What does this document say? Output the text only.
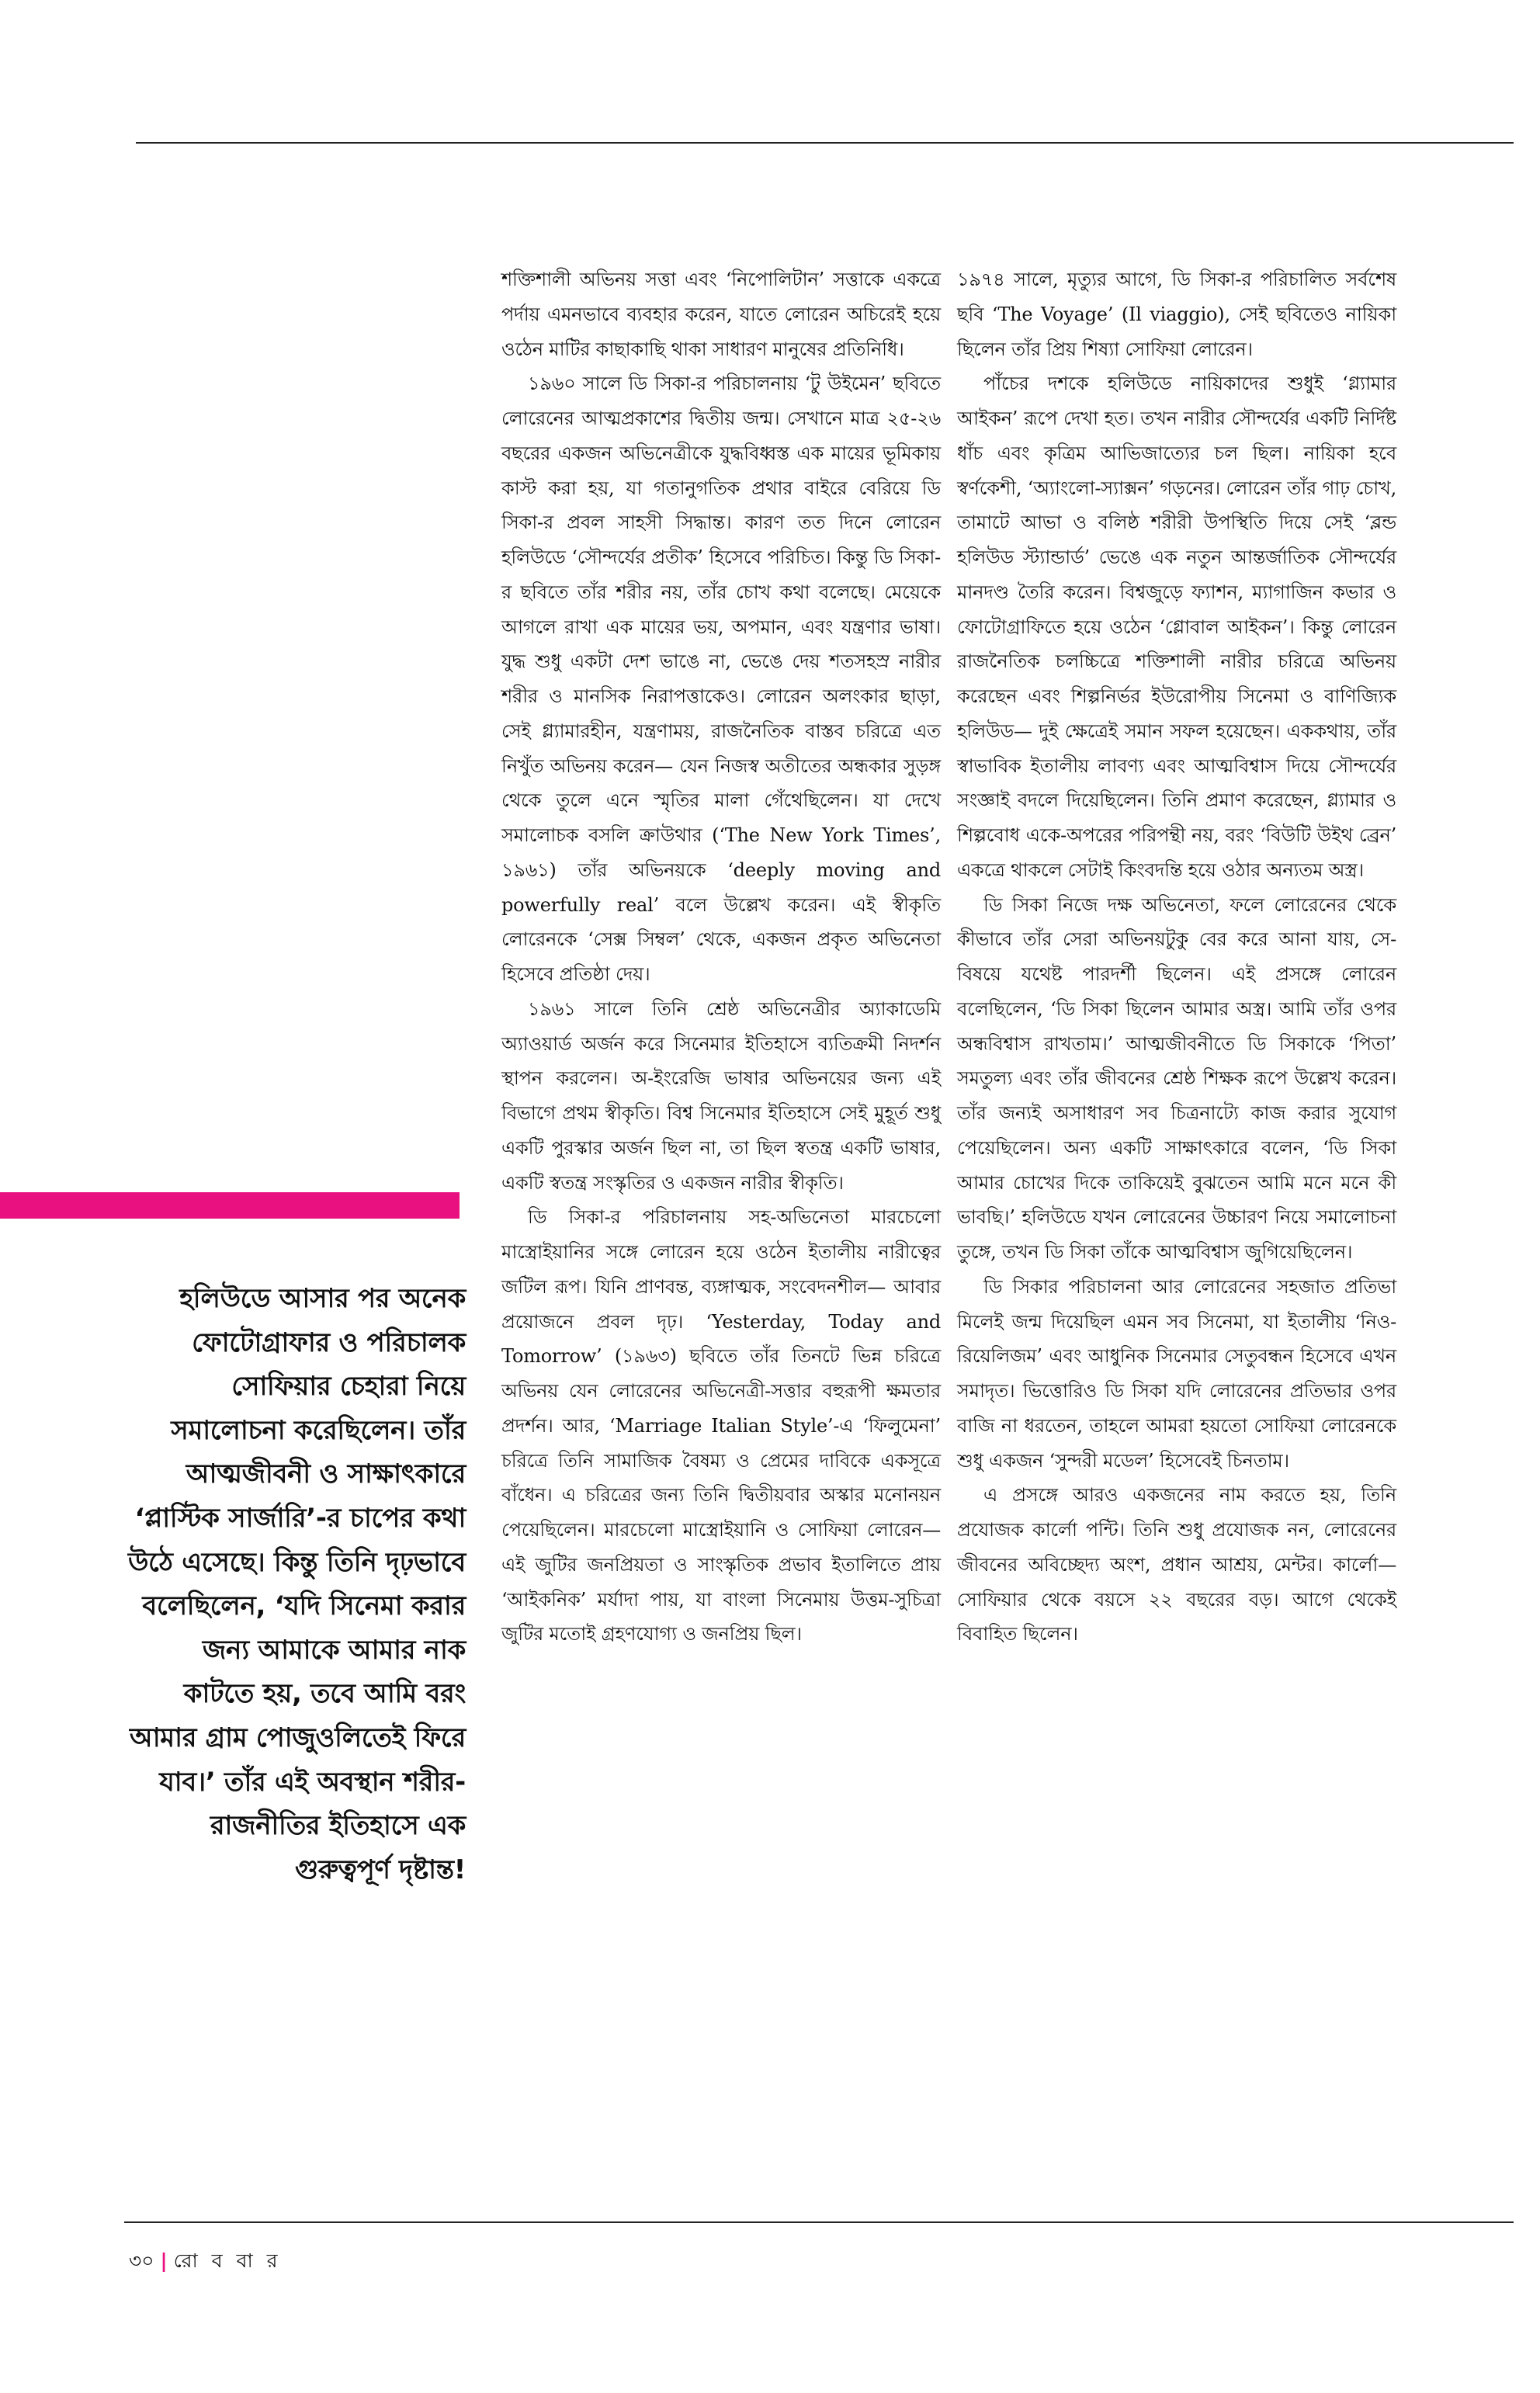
শক্তিশালী অভিনয় সত্তা এবং ‘নিপোলিটান’ সত্তাকে একত্রে পর্দায় এমনভাবে ব্যবহার করেন, যাতে লোরেন অচিরেই হয়ে ওঠেন মাটির কাছাকাছি থাকা সাধারণ মানুষের প্রতিনিধি।

১৯৬০ সালে ডি সিকা-র পরিচালনায় ‘টু উইমেন’ ছবিতে লোরেনের আত্মপ্রকাশের দ্বিতীয় জন্ম। সেখানে মাত্র ২৫-২৬ বছরের একজন অভিনেত্রীকে যুদ্ধবিধ্বস্ত এক মায়ের ভূমিকায় কাস্ট করা হয়, যা গতানুগতিক প্রথার বাইরে বেরিয়ে ডি সিকা-র প্রবল সাহসী সিদ্ধান্ত। কারণ তত দিনে লোরেন হলিউডে ‘সৌন্দর্যের প্রতীক’ হিসেবে পরিচিত। কিন্তু ডি সিকা-র ছবিতে তাঁর শরীর নয়, তাঁর চোখ কথা বলেছে। মেয়েকে আগলে রাখা এক মায়ের ভয়, অপমান, এবং যন্ত্রণার ভাষা। যুদ্ধ শুধু একটা দেশ ভাঙে না, ভেঙে দেয় শতসহস্র নারীর শরীর ও মানসিক নিরাপত্তাকেও। লোরেন অলংকার ছাড়া, সেই গ্ল্যামারহীন, যন্ত্রণাময়, রাজনৈতিক বাস্তব চরিত্রে এত নিখুঁত অভিনয় করেন— যেন নিজস্ব অতীতের অন্ধকার সুড়ঙ্গ থেকে তুলে এনে স্মৃতির মালা গেঁথেছিলেন। যা দেখে সমালোচক বসলি ক্রাউথার (‘The New York Times’, ১৯৬১) তাঁর অভিনয়কে ‘deeply moving and powerfully real’ বলে উল্লেখ করেন। এই স্বীকৃতি লোরেনকে ‘সেক্স সিম্বল’ থেকে, একজন প্রকৃত অভিনেতা হিসেবে প্রতিষ্ঠা দেয়।

১৯৬১ সালে তিনি শ্রেষ্ঠ অভিনেত্রীর অ্যাকাডেমি অ্যাওয়ার্ড অর্জন করে সিনেমার ইতিহাসে ব্যতিক্রমী নিদর্শন স্থাপন করলেন। অ-ইংরেজি ভাষার অভিনয়ের জন্য এই বিভাগে প্রথম স্বীকৃতি। বিশ্ব সিনেমার ইতিহাসে সেই মুহূর্ত শুধু একটি পুরস্কার অর্জন ছিল না, তা ছিল স্বতন্ত্র একটি ভাষার, একটি স্বতন্ত্র সংস্কৃতির ও একজন নারীর স্বীকৃতি।

ডি সিকা-র পরিচালনায় সহ-অভিনেতা মারচেলো মাস্ত্রোইয়ানির সঙ্গে লোরেন হয়ে ওঠেন ইতালীয় নারীত্বের জটিল রূপ। যিনি প্রাণবন্ত, ব্যঙ্গাত্মক, সংবেদনশীল— আবার প্রয়োজনে প্রবল দৃঢ়। ‘Yesterday, Today and Tomorrow’ (১৯৬৩) ছবিতে তাঁর তিনটে ভিন্ন চরিত্রে অভিনয় যেন লোরেনের অভিনেত্রী-সত্তার বহুরূপী ক্ষমতার প্রদর্শন। আর, ‘Marriage Italian Style’-এ ‘ফিলুমেনা’ চরিত্রে তিনি সামাজিক বৈষম্য ও প্রেমের দাবিকে একসূত্রে বাঁধেন। এ চরিত্রের জন্য তিনি দ্বিতীয়বার অস্কার মনোনয়ন পেয়েছিলেন। মারচেলো মাস্ত্রোইয়ানি ও সোফিয়া লোরেন— এই জুটির জনপ্রিয়তা ও সাংস্কৃতিক প্রভাব ইতালিতে প্রায় ‘আইকনিক’ মর্যাদা পায়, যা বাংলা সিনেমায় উত্তম-সুচিত্রা জুটির মতোই গ্রহণযোগ্য ও জনপ্রিয় ছিল।

১৯৭৪ সালে, মৃত্যুর আগে, ডি সিকা-র পরিচালিত সর্বশেষ ছবি ‘The Voyage’ (Il viaggio), সেই ছবিতেও নায়িকা ছিলেন তাঁর প্রিয় শিষ্যা সোফিয়া লোরেন।

পাঁচের দশকে হলিউডে নায়িকাদের শুধুই ‘গ্ল্যামার আইকন’ রূপে দেখা হত। তখন নারীর সৌন্দর্যের একটি নির্দিষ্ট ধাঁচ এবং কৃত্রিম আভিজাত্যের চল ছিল। নায়িকা হবে স্বর্ণকেশী, ‘অ্যাংলো-স্যাক্সন’ গড়নের। লোরেন তাঁর গাঢ় চোখ, তামাটে আভা ও বলিষ্ঠ শরীরী উপস্থিতি দিয়ে সেই ‘ব্লন্ড হলিউড স্ট্যান্ডার্ড’ ভেঙে এক নতুন আন্তর্জাতিক সৌন্দর্যের মানদণ্ড তৈরি করেন। বিশ্বজুড়ে ফ্যাশন, ম্যাগাজিন কভার ও ফোটোগ্রাফিতে হয়ে ওঠেন ‘গ্লোবাল আইকন’। কিন্তু লোরেন রাজনৈতিক চলচ্চিত্রে শক্তিশালী নারীর চরিত্রে অভিনয় করেছেন এবং শিল্পনির্ভর ইউরোপীয় সিনেমা ও বাণিজ্যিক হলিউড— দুই ক্ষেত্রেই সমান সফল হয়েছেন। এককথায়, তাঁর স্বাভাবিক ইতালীয় লাবণ্য এবং আত্মবিশ্বাস দিয়ে সৌন্দর্যের সংজ্ঞাই বদলে দিয়েছিলেন। তিনি প্রমাণ করেছেন, গ্ল্যামার ও শিল্পবোধ একে-অপরের পরিপন্থী নয়, বরং ‘বিউটি উইথ ব্রেন’ একত্রে থাকলে সেটাই কিংবদন্তি হয়ে ওঠার অন্যতম অস্ত্র।

ডি সিকা নিজে দক্ষ অভিনেতা, ফলে লোরেনের থেকে কীভাবে তাঁর সেরা অভিনয়টুকু বের করে আনা যায়, সে-বিষয়ে যথেষ্ট পারদর্শী ছিলেন। এই প্রসঙ্গে লোরেন বলেছিলেন, ‘ডি সিকা ছিলেন আমার অস্ত্র। আমি তাঁর ওপর অন্ধবিশ্বাস রাখতাম।’ আত্মজীবনীতে ডি সিকাকে ‘পিতা’ সমতুল্য এবং তাঁর জীবনের শ্রেষ্ঠ শিক্ষক রূপে উল্লেখ করেন। তাঁর জন্যই অসাধারণ সব চিত্রনাট্যে কাজ করার সুযোগ পেয়েছিলেন। অন্য একটি সাক্ষাৎকারে বলেন, ‘ডি সিকা আমার চোখের দিকে তাকিয়েই বুঝতেন আমি মনে মনে কী ভাবছি।’ হলিউডে যখন লোরেনের উচ্চারণ নিয়ে সমালোচনা তুঙ্গে, তখন ডি সিকা তাঁকে আত্মবিশ্বাস জুগিয়েছিলেন।

ডি সিকার পরিচালনা আর লোরেনের সহজাত প্রতিভা মিলেই জন্ম দিয়েছিল এমন সব সিনেমা, যা ইতালীয় ‘নিও-রিয়েলিজম’ এবং আধুনিক সিনেমার সেতুবন্ধন হিসেবে এখন সমাদৃত। ভিত্তোরিও ডি সিকা যদি লোরেনের প্রতিভার ওপর বাজি না ধরতেন, তাহলে আমরা হয়তো সোফিয়া লোরেনকে শুধু একজন ‘সুন্দরী মডেল’ হিসেবেই চিনতাম।

এ প্রসঙ্গে আরও একজনের নাম করতে হয়, তিনি প্রযোজক কার্লো পন্টি। তিনি শুধু প্রযোজক নন, লোরেনের জীবনের অবিচ্ছেদ্য অংশ, প্রধান আশ্রয়, মেন্টর। কার্লো— সোফিয়ার থেকে বয়সে ২২ বছরের বড়। আগে থেকেই বিবাহিত ছিলেন।

হলিউডে আসার পর অনেক ফোটোগ্রাফার ও পরিচালক সোফিয়ার চেহারা নিয়ে সমালোচনা করেছিলেন। তাঁর আত্মজীবনী ও সাক্ষাৎকারে ‘প্লাস্টিক সার্জারি’-র চাপের কথা উঠে এসেছে। কিন্তু তিনি দৃঢ়ভাবে বলেছিলেন, ‘যদি সিনেমা করার জন্য আমাকে আমার নাক কাটতে হয়, তবে আমি বরং আমার গ্রাম পোজুওলিতেই ফিরে যাব।’ তাঁর এই অবস্থান শরীর-রাজনীতির ইতিহাসে এক গুরুত্বপূর্ণ দৃষ্টান্ত!
৩০ | রো ব বা র
